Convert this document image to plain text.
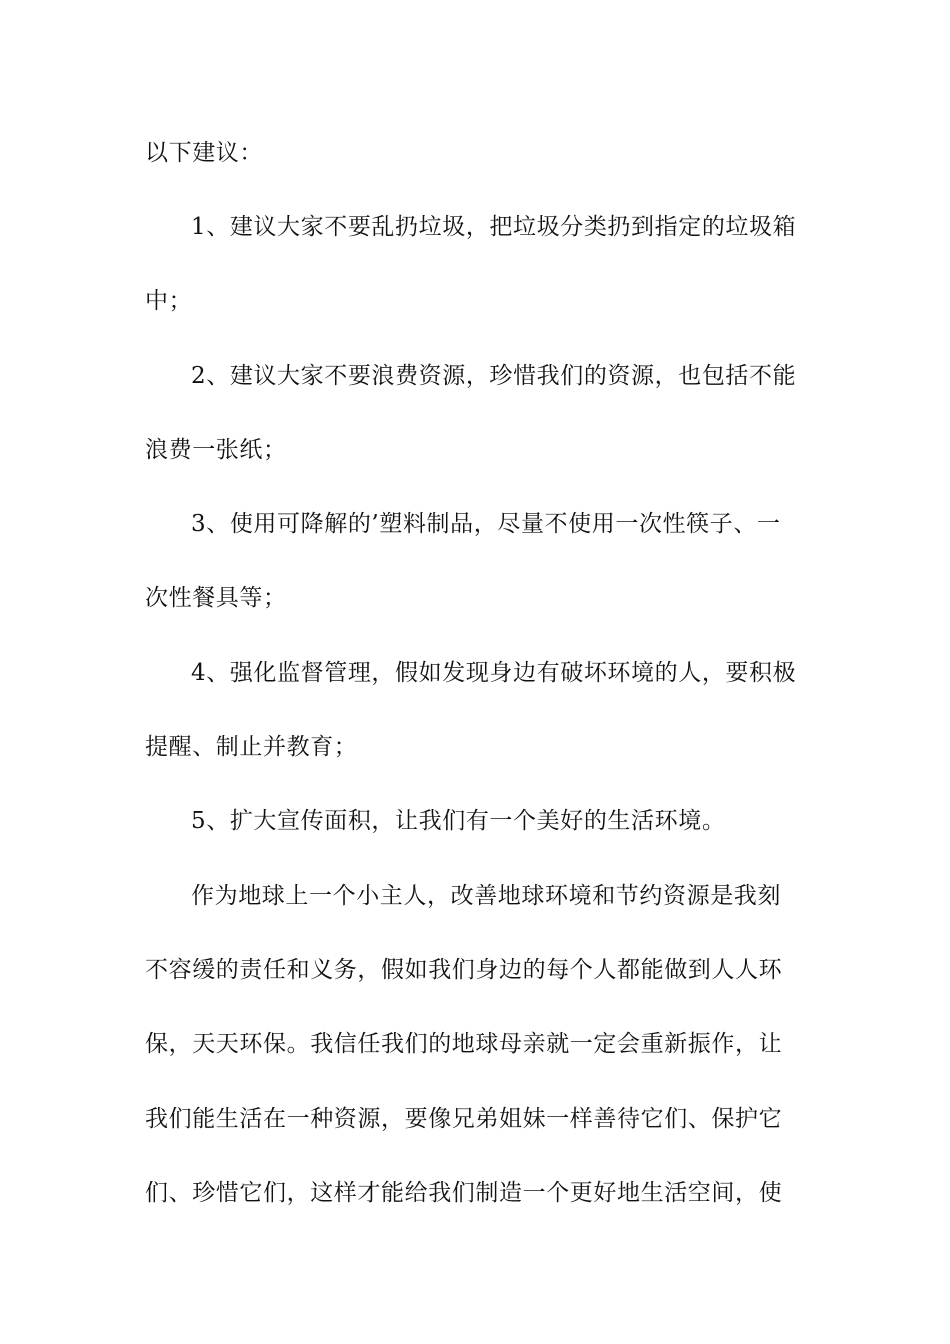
以下建议：
1、建议大家不要乱扔垃圾，把垃圾分类扔到指定的垃圾箱
中；
2、建议大家不要浪费资源，珍惜我们的资源，也包括不能
浪费一张纸；
3、使用可降解的’塑料制品，尽量不使用一次性筷子、一
次性餐具等；
4、强化监督管理，假如发现身边有破坏环境的人，要积极
提醒、制止并教育；
5、扩大宣传面积，让我们有一个美好的生活环境。
作为地球上一个小主人，改善地球环境和节约资源是我刻
不容缓的责任和义务，假如我们身边的每个人都能做到人人环
保，天天环保。我信任我们的地球母亲就一定会重新振作，让
我们能生活在一种资源，要像兄弟姐妹一样善待它们、保护它
们、珍惜它们，这样才能给我们制造一个更好地生活空间，使
